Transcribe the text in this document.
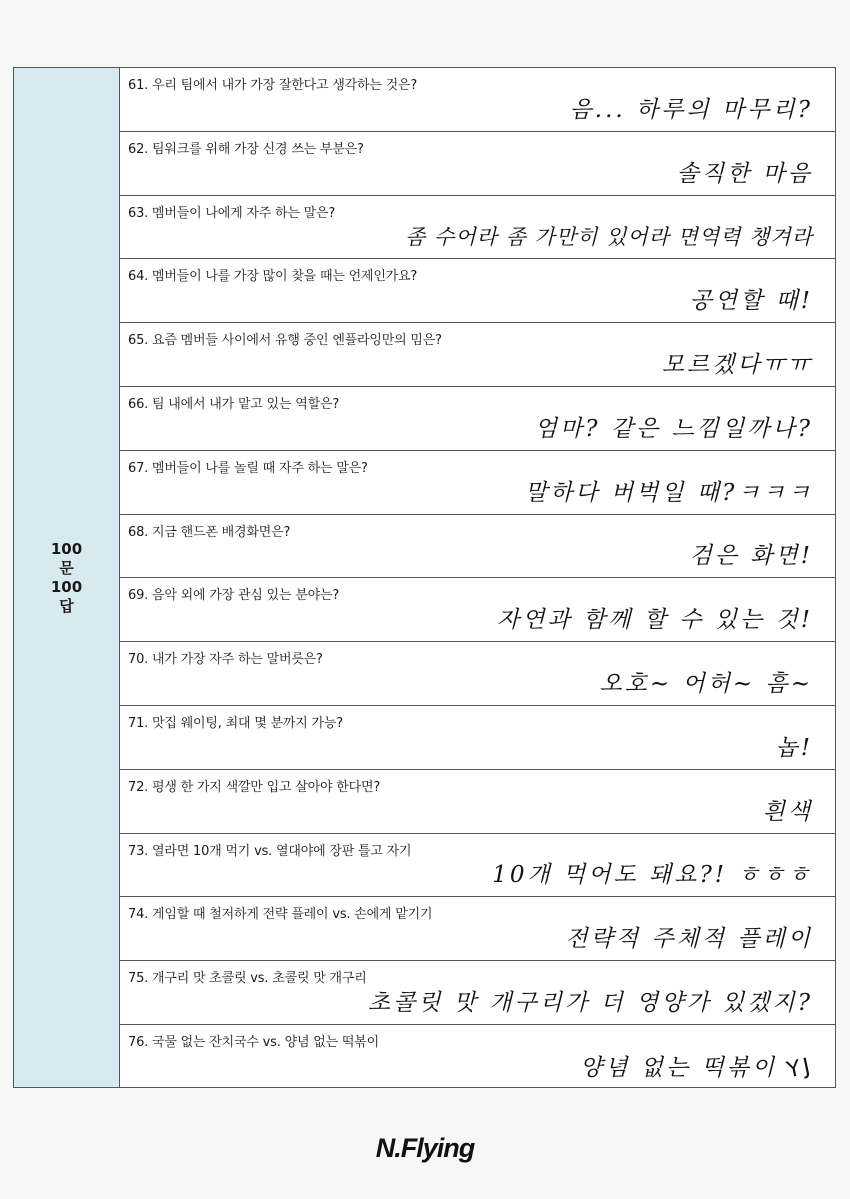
100
문
100
답
61. 우리 팀에서 내가 가장 잘한다고 생각하는 것은?
음... 하루의 마무리?
62. 팀워크를 위해 가장 신경 쓰는 부분은?
솔직한 마음
63. 멤버들이 나에게 자주 하는 말은?
좀 수어라 좀 가만히 있어라 면역력 챙겨라
64. 멤버들이 나를 가장 많이 찾을 때는 언제인가요?
공연할 때!
65. 요즘 멤버들 사이에서 유행 중인 엔플라잉만의 밈은?
모르겠다ㅠㅠ
66. 팀 내에서 내가 맡고 있는 역할은?
엄마? 같은 느낌일까나?
67. 멤버들이 나를 놀릴 때 자주 하는 말은?
말하다 버벅일 때?ㅋㅋㅋ
68. 지금 핸드폰 배경화면은?
검은 화면!
69. 음악 외에 가장 관심 있는 분야는?
자연과 함께 할 수 있는 것!
70. 내가 가장 자주 하는 말버릇은?
오호~ 어허~ 흠~
71. 맛집 웨이팅, 최대 몇 분까지 가능?
놉!
72. 평생 한 가지 색깔만 입고 살아야 한다면?
흰색
73. 열라면 10개 먹기 vs. 열대야에 장판 틀고 자기
10개 먹어도 돼요?! ㅎㅎㅎ
74. 게임할 때 철저하게 전략 플레이 vs. 손에게 맡기기
전략적 주체적 플레이
75. 개구리 맛 초콜릿 vs. 초콜릿 맛 개구리
초콜릿 맛 개구리가 더 영양가 있겠지?
76. 국물 없는 잔치국수 vs. 양념 없는 떡볶이
양념 없는 떡볶이 YJ
N.Flying
